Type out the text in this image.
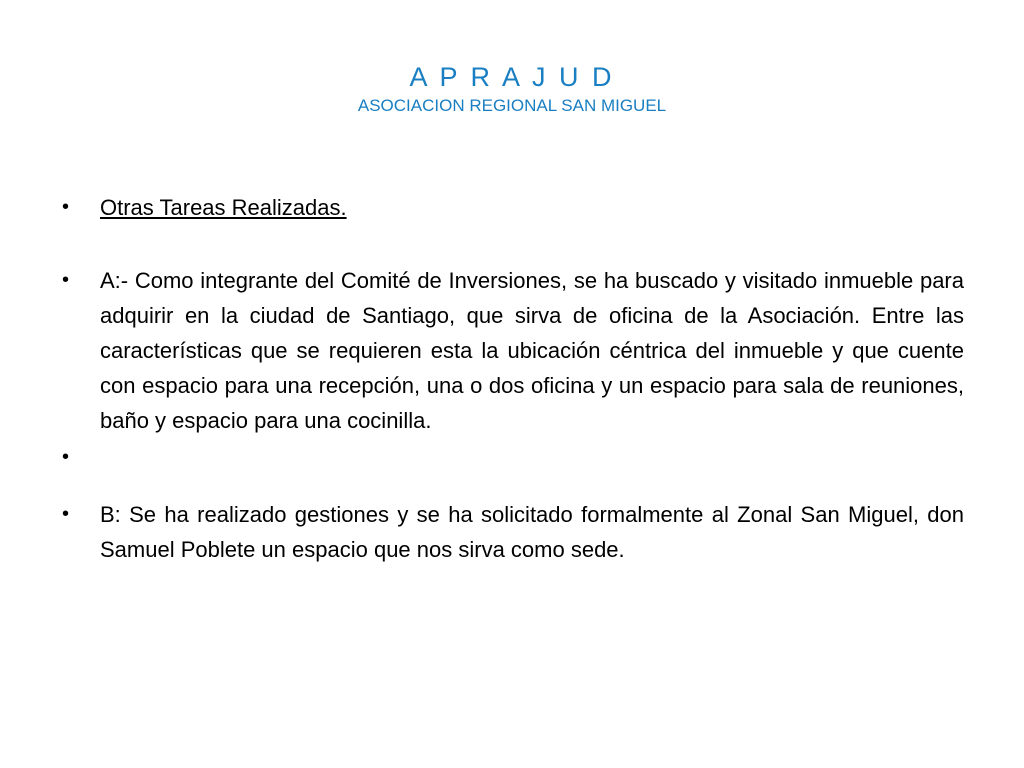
A P R A J U D
ASOCIACION REGIONAL SAN MIGUEL
•	Otras Tareas Realizadas.
•	A:- Como integrante del Comité de Inversiones, se ha buscado y visitado inmueble para adquirir en la ciudad de Santiago, que sirva de oficina de la Asociación. Entre las características que se requieren esta la ubicación céntrica del inmueble y que cuente con espacio para una recepción, una o dos oficina y un espacio para sala de reuniones, baño y espacio para una cocinilla.
•
•	B: Se ha realizado gestiones y se ha solicitado formalmente al Zonal San Miguel, don Samuel Poblete un espacio que nos sirva como sede.
